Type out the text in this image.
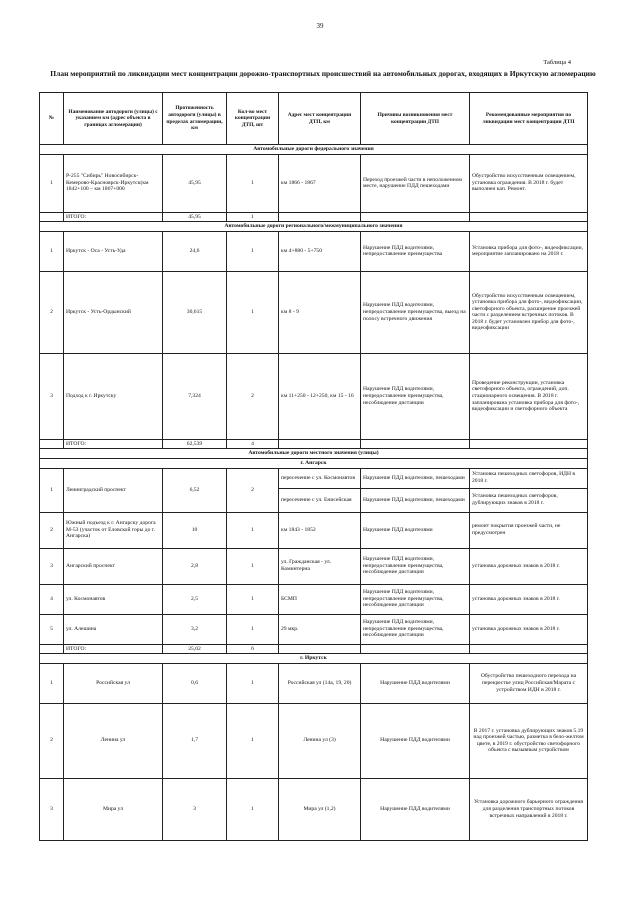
39
Таблица 4
План мероприятий по ликвидации мест концентрации дорожно-транспортных происшествий на автомобильных дорогах, входящих в Иркутскую агломерацию
№	Наименование автодороги (улицы) с указанием км (адрес объекта в границах агломерации)	Протяженность автодороги (улицы) в пределах агломерации, км	Кол-во мест концентрации ДТП, шт	Адрес мест концентрации ДТП, км	Причины возникновения мест концентрации ДТП	Рекомендованные мероприятия по ликвидации мест концентрации ДТП
Автомобильные дороги федерального значения						
1	Р-255 "Сибирь" Новосибирск-Кемерово-Красноярск-Иркутск(км 1842+100 – км 1867+000	45,95	1	км 1866 - 1867	Переход проезжей части в неположенном месте, нарушение ПДД пешеходами	Обустройство искусственным освещением, установка ограждения. В 2018 г. будет выполнен кап. Ремонт.
	ИТОГО:	45,95	1			
Автомобильные дороги регионального/межмуниципального значения						
1	Иркутск - Оса - Усть-Уда	24,6	1	км 4+880 - 5+750	Нарушение ПДД водителями, непредоставление преимущества	Установка прибора для фото-, видеофиксации, мероприятие запланировано на 2018 г.
2	Иркутск - Усть-Ордынский	30,615	1	км 8 - 9	Нарушение ПДД водителями, непредоставление преимущества, выезд на полосу встречного движения	Обустройство искусственным освещением, установка прибора для фото-, видеофиксации, светофорного объекта, расширение проезжей части с разделением встречных потоков. В 2018 г. будет установлен прибор для фото-, видеофиксации
3	Подход к г. Иркутску	7,324	2	км 11+250 - 12+250, км 15 - 16	Нарушение ПДД водителями, непредоставление преимущества, несоблюдение дистанции	Проведение реконструкции, установка светофорного объекта, ограждений, доп. стационарного освещения. В 2018 г. запланирована установка прибора для фото-, видеофиксации и светофорного объекта
	ИТОГО:	62,539	4			
Автомобильные дороги местного значения (улицы)						
г. Ангарск						
1	Ленинградский проспект	6,52	2	пересечение с ул. Космонавтов	Нарушение ПДД водителями, пешеходами	Установка пешеходных светофоров, ИДН в 2018 г.
				пересечение с ул. Енисейская	Нарушение ПДД водителями, пешеходами	Установка пешеходных светофоров, дублирующих знаков в 2018 г.
2	Южный подъезд к г. Ангарску дорога М-53 (участок от Еловской горы до г. Ангарска)	10	1	км 1843 - 1852	Нарушение ПДД водителями	ремонт покрытия проезжей части, не предусмотрен
3	Ангарский проспект	2,8	1	ул. Гражданская - ул. Коминтерна	Нарушение ПДД водителями, непредоставление преимущества, несоблюдение дистанции	установка дорожных знаков в 2018 г.
4	ул. Космонавтов	2,5	1	БСМП	Нарушение ПДД водителями, непредоставление преимущества, несоблюдение дистанции	установка дорожных знаков в 2018 г.
5	ул. Алешина	3,2	1	29 мкр.	Нарушение ПДД водителями, непредоставление преимущества, несоблюдение дистанции	установка дорожных знаков в 2018 г.
	ИТОГО:	25,02	6			
г. Иркутск						
1	Российская ул	0,6	1	Российская ул (14а, 19, 20)	Нарушение ПДД водителями	Обустройство пешеходного перехода на перекрестке улиц Российская/Марата с устройством ИДН в 2018 г.
2	Ленина ул	1,7	1	Ленина ул (3)	Нарушение ПДД водителями	В 2017 г. установка дублирующих знаков 5.19 над проезжей частью, разметка в бело-желтом цвете, в 2019 г. обустройство светофорного объекта с вызывным устройством
3	Мира ул	3	1	Мира ул (1,2)	Нарушение ПДД водителями	Установка дорожного барьерного ограждения для разделения транспортных потоков встречных направлений в 2018 г.
